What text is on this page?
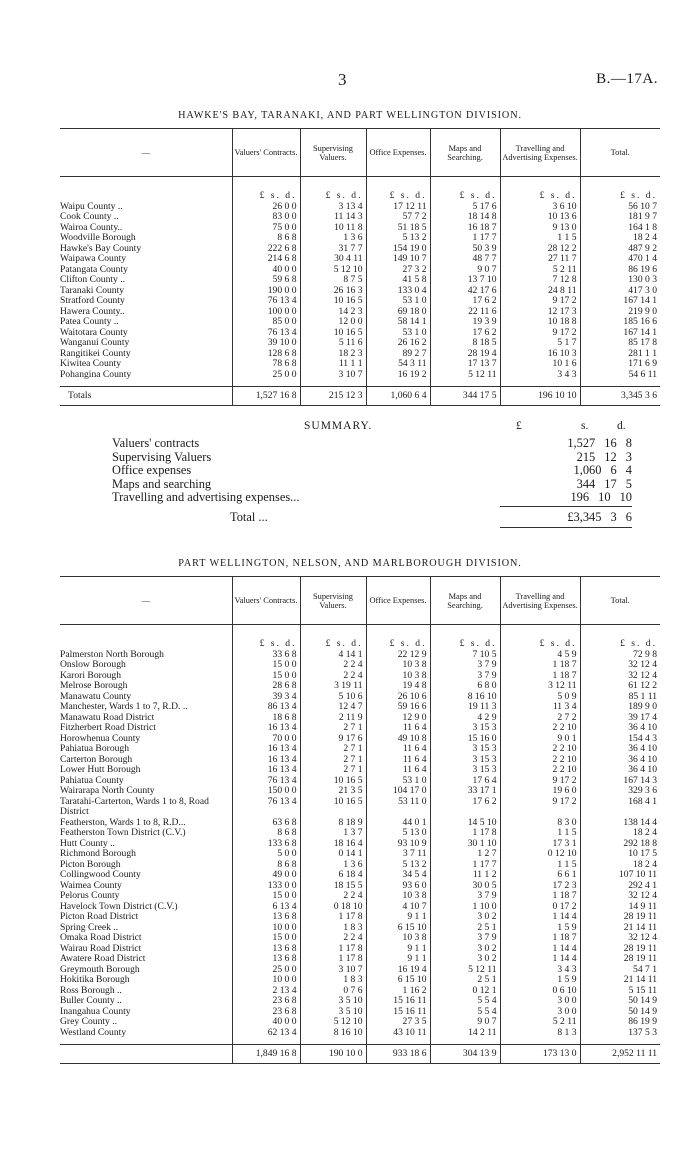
3	B.—17A.
HAWKE'S BAY, TARANAKI, AND PART WELLINGTON DIVISION.
—	Valuers' Contracts.	Supervising Valuers.	Office Expenses.	Maps and Searching.	Travelling and Advertising Expenses.	Total.
	£ s. d.	£ s. d.	£ s. d.	£ s. d.	£ s. d.	£ s. d.
Waipu County ..	26 0 0	3 13 4	17 12 11	5 17 6	3 6 10	56 10 7
Cook County ..	83 0 0	11 14 3	57 7 2	18 14 8	10 13 6	181 9 7
Wairoa County..	75 0 0	10 11 8	51 18 5	16 18 7	9 13 0	164 1 8
Woodville Borough	8 6 8	1 3 6	5 13 2	1 17 7	1 1 5	18 2 4
Hawke's Bay County	222 6 8	31 7 7	154 19 0	50 3 9	28 12 2	487 9 2
Waipawa County	214 6 8	30 4 11	149 10 7	48 7 7	27 11 7	470 1 4
Patangata County	40 0 0	5 12 10	27 3 2	9 0 7	5 2 11	86 19 6
Clifton County ..	59 6 8	8 7 5	41 5 8	13 7 10	7 12 8	130 0 3
Taranaki County	190 0 0	26 16 3	133 0 4	42 17 6	24 8 11	417 3 0
Stratford County	76 13 4	10 16 5	53 1 0	17 6 2	9 17 2	167 14 1
Hawera County..	100 0 0	14 2 3	69 18 0	22 11 6	12 17 3	219 9 0
Patea County ..	85 0 0	12 0 0	58 14 1	19 3 9	10 18 8	185 16 6
Waitotara County	76 13 4	10 16 5	53 1 0	17 6 2	9 17 2	167 14 1
Wanganui County	39 10 0	5 11 6	26 16 2	8 18 5	5 1 7	85 17 8
Rangitikei County	128 6 8	18 2 3	89 2 7	28 19 4	16 10 3	281 1 1
Kiwitea County	78 6 8	11 1 1	54 3 11	17 13 7	10 1 6	171 6 9
Pohangina County	25 0 0	3 10 7	16 19 2	5 12 11	3 4 3	54 6 11
Totals	1,527 16 8	215 12 3	1,060 6 4	344 17 5	196 10 10	3,345 3 6
SUMMARY.	£	s. d.
Valuers' contracts	1,527 16 8
Supervising Valuers	215 12 3
Office expenses	1,060 6 4
Maps and searching	344 17 5
Travelling and advertising expenses...	196 10 10
Total ...	£3,345 3 6
PART WELLINGTON, NELSON, AND MARLBOROUGH DIVISION.
—	Valuers' Contracts.	Supervising Valuers.	Office Expenses.	Maps and Searching.	Travelling and Advertising Expenses.	Total.
	£ s. d.	£ s. d.	£ s. d.	£ s. d.	£ s. d.	£ s. d.
Palmerston North Borough	33 6 8	4 14 1	22 12 9	7 10 5	4 5 9	72 9 8
Onslow Borough	15 0 0	2 2 4	10 3 8	3 7 9	1 18 7	32 12 4
Karori Borough	15 0 0	2 2 4	10 3 8	3 7 9	1 18 7	32 12 4
Melrose Borough	28 6 8	3 19 11	19 4 8	6 8 0	3 12 11	61 12 2
Manawatu County	39 3 4	5 10 6	26 10 6	8 16 10	5 0 9	85 1 11
Manchester, Wards 1 to 7, R.D. ..	86 13 4	12 4 7	59 16 6	19 11 3	11 3 4	189 9 0
Manawatu Road District	18 6 8	2 11 9	12 9 0	4 2 9	2 7 2	39 17 4
Fitzherbert Road District	16 13 4	2 7 1	11 6 4	3 15 3	2 2 10	36 4 10
Horowhenua County	70 0 0	9 17 6	49 10 8	15 16 0	9 0 1	154 4 3
Pahiatua Borough	16 13 4	2 7 1	11 6 4	3 15 3	2 2 10	36 4 10
Carterton Borough	16 13 4	2 7 1	11 6 4	3 15 3	2 2 10	36 4 10
Lower Hutt Borough	16 13 4	2 7 1	11 6 4	3 15 3	2 2 10	36 4 10
Pahiatua County	76 13 4	10 16 5	53 1 0	17 6 4	9 17 2	167 14 3
Wairarapa North County	150 0 0	21 3 5	104 17 0	33 17 1	19 6 0	329 3 6
Taratahi-Carterton, Wards 1 to 8, Road District	76 13 4	10 16 5	53 11 0	17 6 2	9 17 2	168 4 1
Featherston, Wards 1 to 8, R.D...	63 6 8	8 18 9	44 0 1	14 5 10	8 3 0	138 14 4
Featherston Town District (C.V.)	8 6 8	1 3 7	5 13 0	1 17 8	1 1 5	18 2 4
Hutt County ..	133 6 8	18 16 4	93 10 9	30 1 10	17 3 1	292 18 8
Richmond Borough	5 0 0	0 14 1	3 7 11	1 2 7	0 12 10	10 17 5
Picton Borough	8 6 8	1 3 6	5 13 2	1 17 7	1 1 5	18 2 4
Collingwood County	49 0 0	6 18 4	34 5 4	11 1 2	6 6 1	107 10 11
Waimea County	133 0 0	18 15 5	93 6 0	30 0 5	17 2 3	292 4 1
Pelorus County	15 0 0	2 2 4	10 3 8	3 7 9	1 18 7	32 12 4
Havelock Town District (C.V.)	6 13 4	0 18 10	4 10 7	1 10 0	0 17 2	14 9 11
Picton Road District	13 6 8	1 17 8	9 1 1	3 0 2	1 14 4	28 19 11
Spring Creek ..	10 0 0	1 8 3	6 15 10	2 5 1	1 5 9	21 14 11
Omaka Road District	15 0 0	2 2 4	10 3 8	3 7 9	1 18 7	32 12 4
Wairau Road District	13 6 8	1 17 8	9 1 1	3 0 2	1 14 4	28 19 11
Awatere Road District	13 6 8	1 17 8	9 1 1	3 0 2	1 14 4	28 19 11
Greymouth Borough	25 0 0	3 10 7	16 19 4	5 12 11	3 4 3	54 7 1
Hokitika Borough	10 0 0	1 8 3	6 15 10	2 5 1	1 5 9	21 14 11
Ross Borough ..	2 13 4	0 7 6	1 16 2	0 12 1	0 6 10	5 15 11
Buller County ..	23 6 8	3 5 10	15 16 11	5 5 4	3 0 0	50 14 9
Inangahua County	23 6 8	3 5 10	15 16 11	5 5 4	3 0 0	50 14 9
Grey County ..	40 0 0	5 12 10	27 3 5	9 0 7	5 2 11	86 19 9
Westland County	62 13 4	8 16 10	43 10 11	14 2 11	8 1 3	137 5 3
	1,849 16 8	190 10 0	933 18 6	304 13 9	173 13 0	2,952 11 11
